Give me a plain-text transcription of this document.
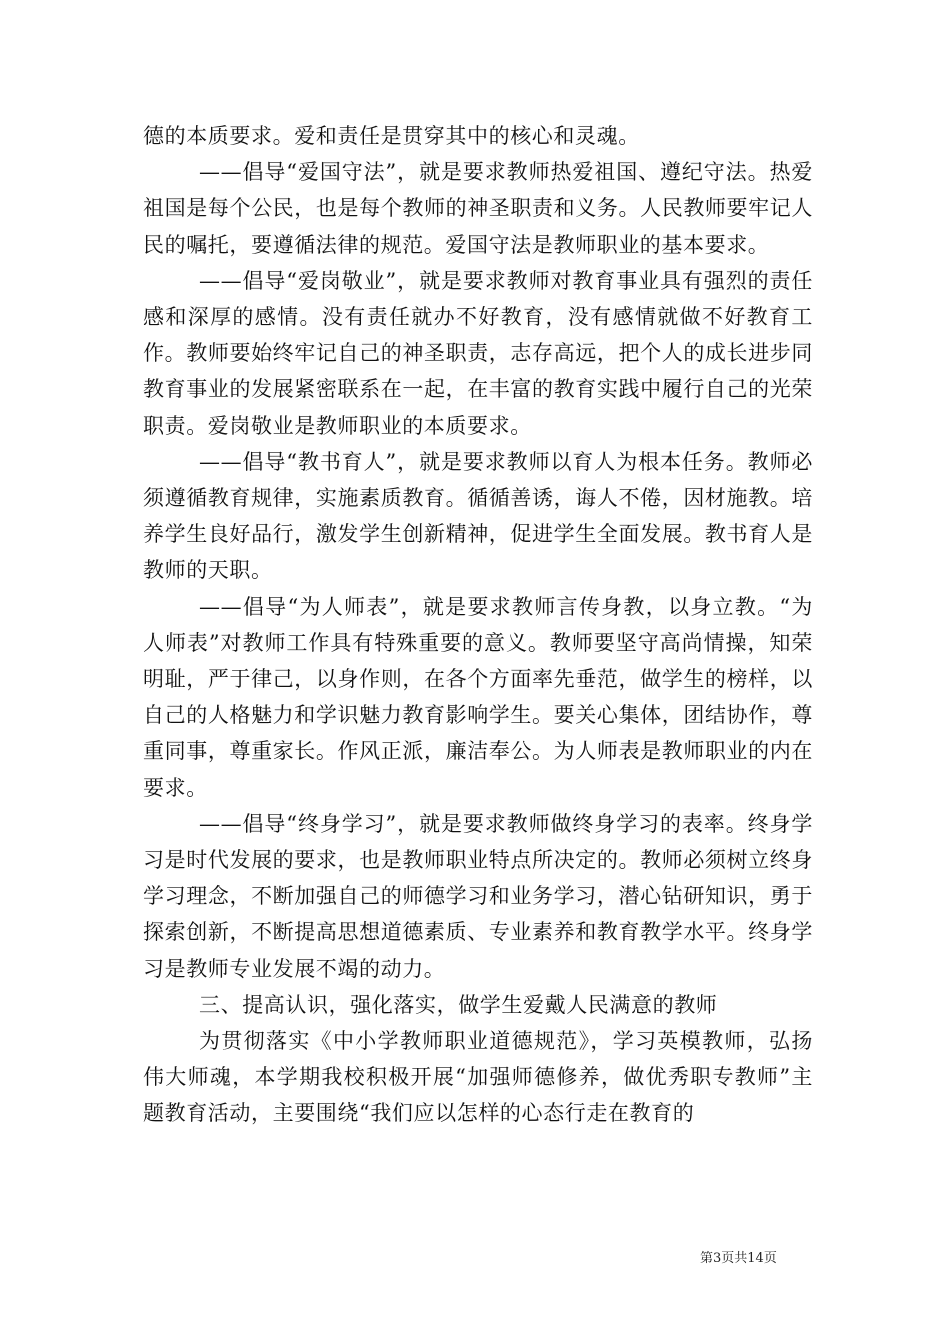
德的本质要求。爱和责任是贯穿其中的核心和灵魂。

——倡导“爱国守法”，就是要求教师热爱祖国、遵纪守法。热爱祖国是每个公民，也是每个教师的神圣职责和义务。人民教师要牢记人民的嘱托，要遵循法律的规范。爱国守法是教师职业的基本要求。

——倡导“爱岗敬业”，就是要求教师对教育事业具有强烈的责任感和深厚的感情。没有责任就办不好教育，没有感情就做不好教育工作。教师要始终牢记自己的神圣职责，志存高远，把个人的成长进步同教育事业的发展紧密联系在一起，在丰富的教育实践中履行自己的光荣职责。爱岗敬业是教师职业的本质要求。

——倡导“教书育人”，就是要求教师以育人为根本任务。教师必须遵循教育规律，实施素质教育。循循善诱，诲人不倦，因材施教。培养学生良好品行，激发学生创新精神，促进学生全面发展。教书育人是教师的天职。

——倡导“为人师表”，就是要求教师言传身教，以身立教。“为人师表”对教师工作具有特殊重要的意义。教师要坚守高尚情操，知荣明耻，严于律己，以身作则，在各个方面率先垂范，做学生的榜样，以自己的人格魅力和学识魅力教育影响学生。要关心集体，团结协作，尊重同事，尊重家长。作风正派，廉洁奉公。为人师表是教师职业的内在要求。

——倡导“终身学习”，就是要求教师做终身学习的表率。终身学习是时代发展的要求，也是教师职业特点所决定的。教师必须树立终身学习理念，不断加强自己的师德学习和业务学习，潜心钻研知识，勇于探索创新，不断提高思想道德素质、专业素养和教育教学水平。终身学习是教师专业发展不竭的动力。

三、提高认识，强化落实，做学生爱戴人民满意的教师

为贯彻落实《中小学教师职业道德规范》，学习英模教师，弘扬伟大师魂，本学期我校积极开展“加强师德修养，做优秀职专教师”主题教育活动，主要围绕“我们应以怎样的心态行走在教育的

第3页共14页
